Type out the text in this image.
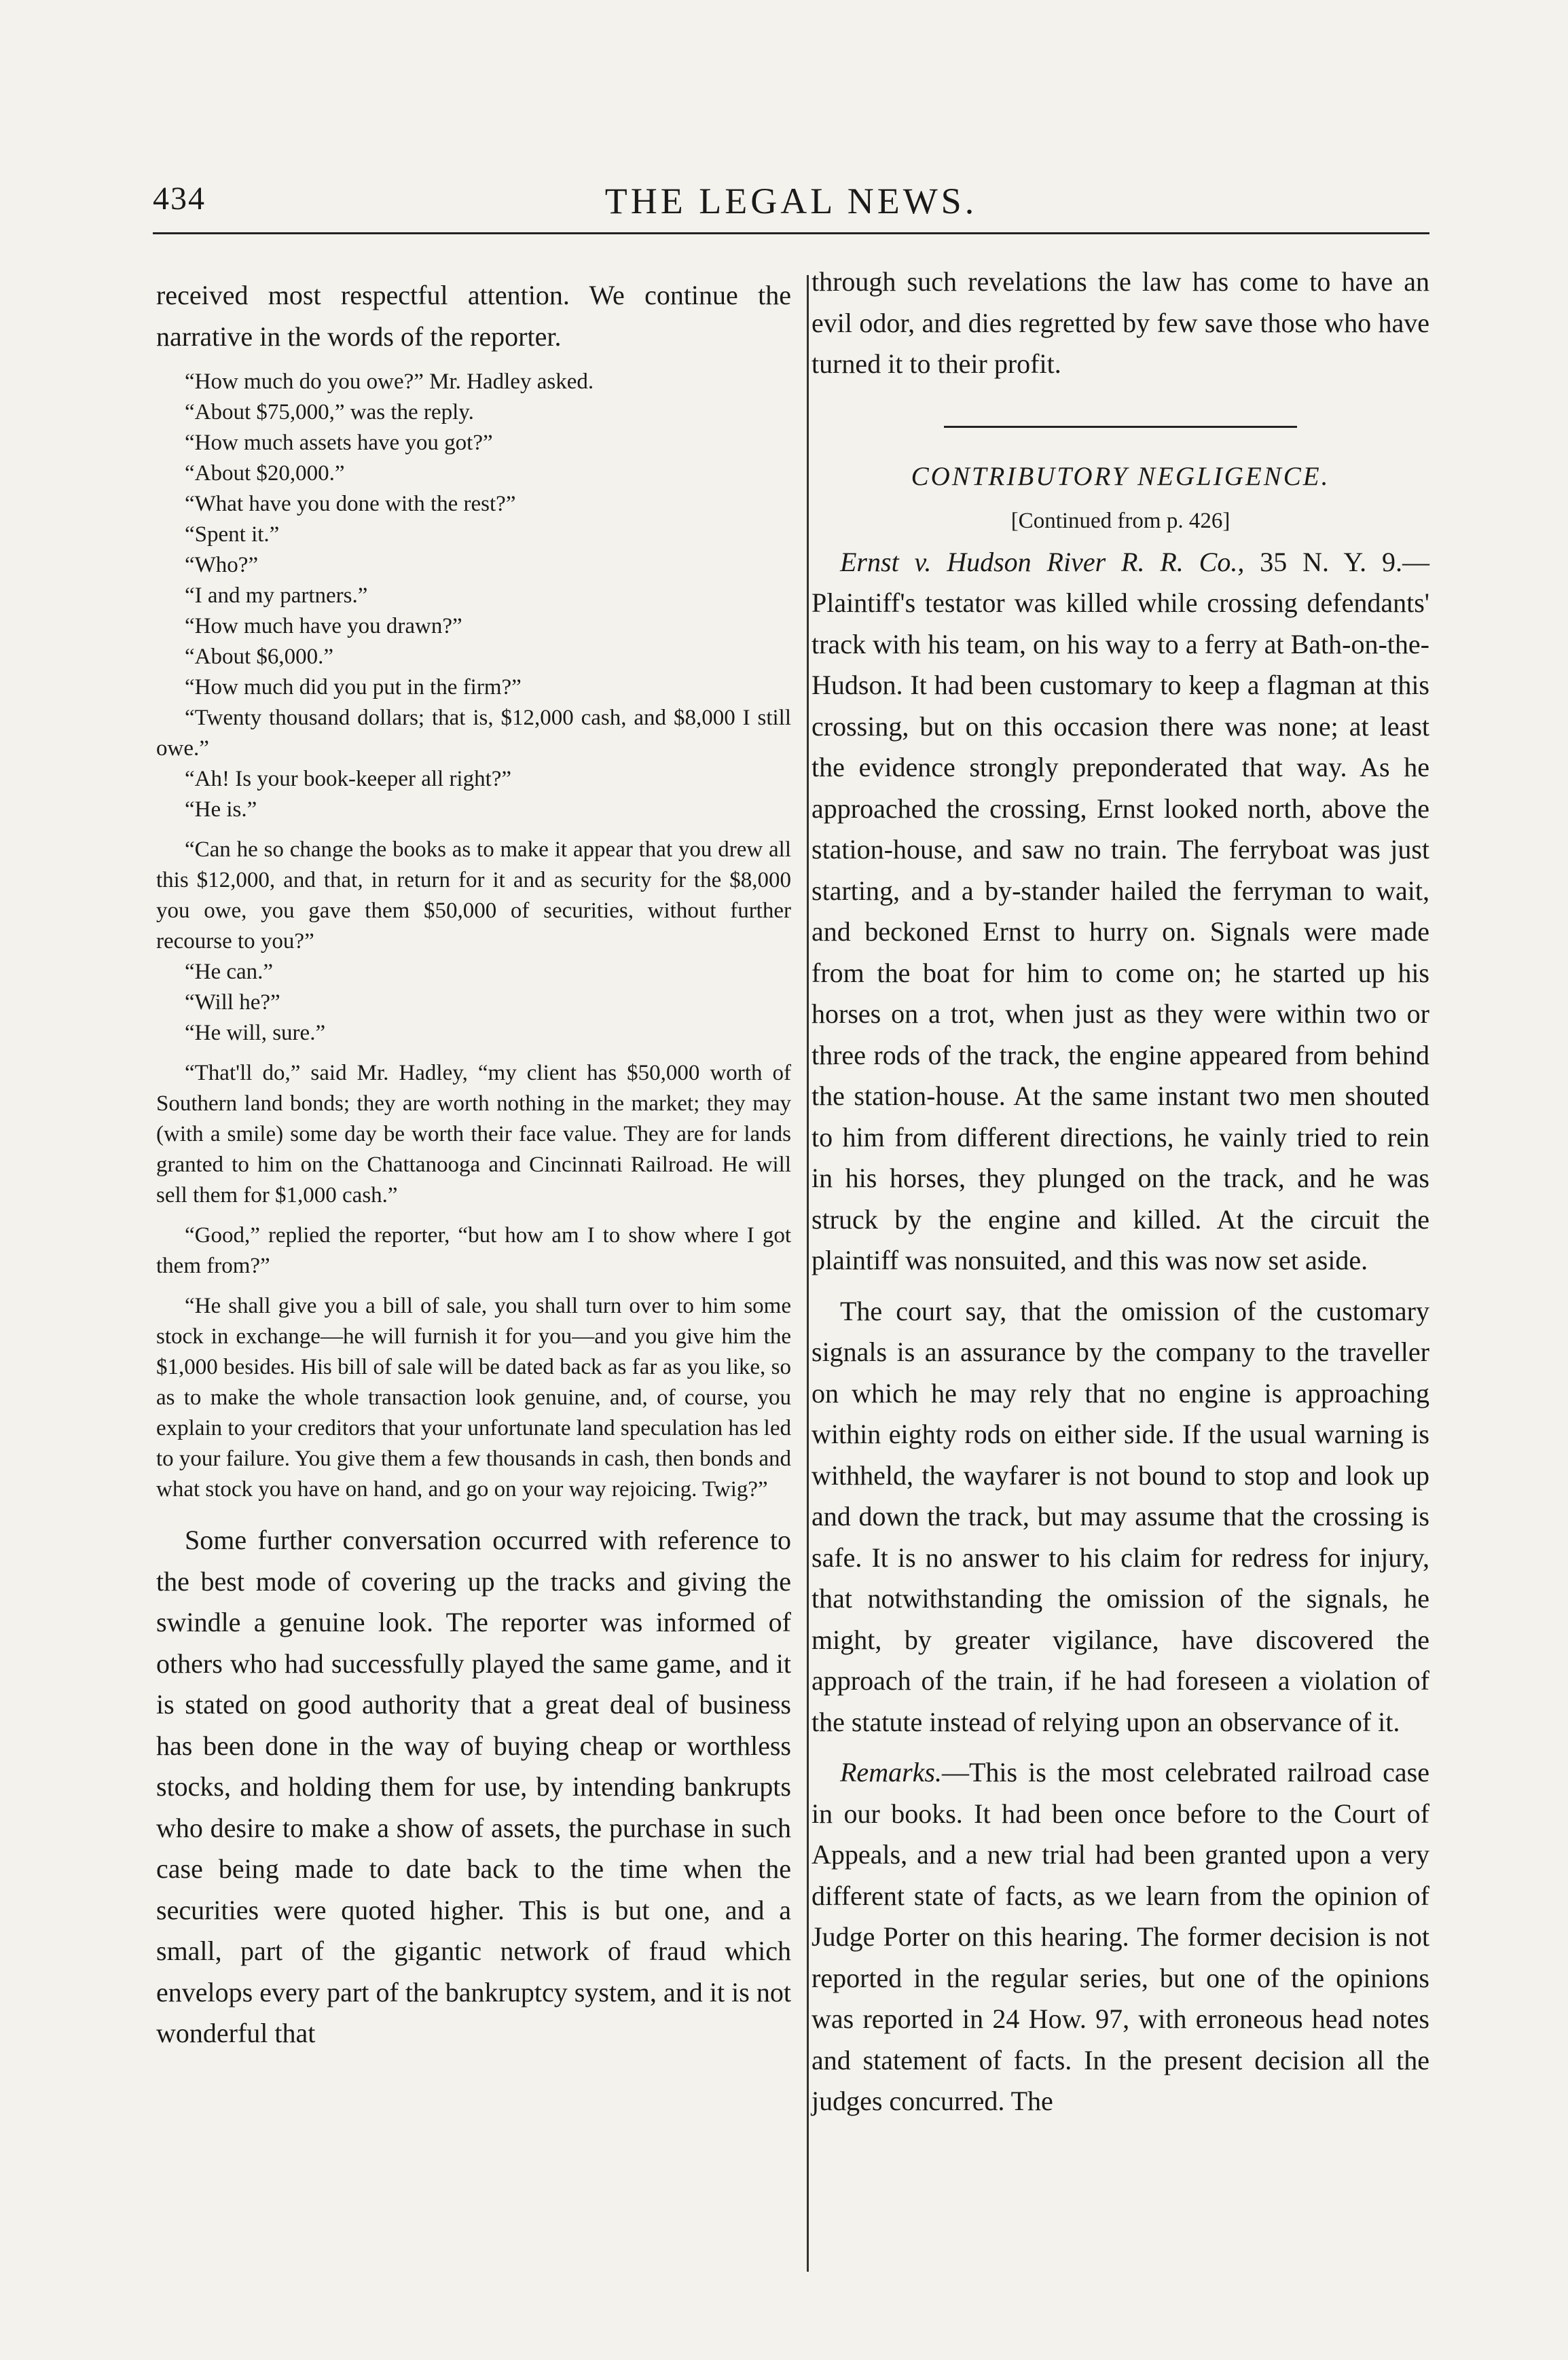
434	THE LEGAL NEWS.

received most respectful attention. We continue the narrative in the words of the reporter.

“How much do you owe?” Mr. Hadley asked.

“About $75,000,” was the reply.

“How much assets have you got?”

“About $20,000.”

“What have you done with the rest?”

“Spent it.”

“Who?”

“I and my partners.”

“How much have you drawn?”

“About $6,000.”

“How much did you put in the firm?”

“Twenty thousand dollars; that is, $12,000 cash, and $8,000 I still owe.”

“Ah! Is your book-keeper all right?”

“He is.”

“Can he so change the books as to make it appear that you drew all this $12,000, and that, in return for it and as security for the $8,000 you owe, you gave them $50,000 of securities, without further recourse to you?”

“He can.”

“Will he?”

“He will, sure.”

“That'll do,” said Mr. Hadley, “my client has $50,000 worth of Southern land bonds; they are worth nothing in the market; they may (with a smile) some day be worth their face value. They are for lands granted to him on the Chattanooga and Cincinnati Railroad. He will sell them for $1,000 cash.”

“Good,” replied the reporter, “but how am I to show where I got them from?”

“He shall give you a bill of sale, you shall turn over to him some stock in exchange—he will furnish it for you—and you give him the $1,000 besides. His bill of sale will be dated back as far as you like, so as to make the whole transaction look genuine, and, of course, you explain to your creditors that your unfortunate land speculation has led to your failure. You give them a few thousands in cash, then bonds and what stock you have on hand, and go on your way rejoicing. Twig?”

Some further conversation occurred with reference to the best mode of covering up the tracks and giving the swindle a genuine look. The reporter was informed of others who had successfully played the same game, and it is stated on good authority that a great deal of business has been done in the way of buying cheap or worthless stocks, and holding them for use, by intending bankrupts who desire to make a show of assets, the purchase in such case being made to date back to the time when the securities were quoted higher. This is but one, and a small, part of the gigantic network of fraud which envelops every part of the bankruptcy system, and it is not wonderful that

through such revelations the law has come to have an evil odor, and dies regretted by few save those who have turned it to their profit.

CONTRIBUTORY NEGLIGENCE.
[Continued from p. 426]

Ernst v. Hudson River R. R. Co., 35 N. Y. 9.—Plaintiff's testator was killed while crossing defendants' track with his team, on his way to a ferry at Bath-on-the-Hudson. It had been customary to keep a flagman at this crossing, but on this occasion there was none; at least the evidence strongly preponderated that way. As he approached the crossing, Ernst looked north, above the station-house, and saw no train. The ferryboat was just starting, and a by-stander hailed the ferryman to wait, and beckoned Ernst to hurry on. Signals were made from the boat for him to come on; he started up his horses on a trot, when just as they were within two or three rods of the track, the engine appeared from behind the station-house. At the same instant two men shouted to him from different directions, he vainly tried to rein in his horses, they plunged on the track, and he was struck by the engine and killed. At the circuit the plaintiff was nonsuited, and this was now set aside.

The court say, that the omission of the customary signals is an assurance by the company to the traveller on which he may rely that no engine is approaching within eighty rods on either side. If the usual warning is withheld, the wayfarer is not bound to stop and look up and down the track, but may assume that the crossing is safe. It is no answer to his claim for redress for injury, that notwithstanding the omission of the signals, he might, by greater vigilance, have discovered the approach of the train, if he had foreseen a violation of the statute instead of relying upon an observance of it.

Remarks.—This is the most celebrated railroad case in our books. It had been once before to the Court of Appeals, and a new trial had been granted upon a very different state of facts, as we learn from the opinion of Judge Porter on this hearing. The former decision is not reported in the regular series, but one of the opinions was reported in 24 How. 97, with erroneous head notes and statement of facts. In the present decision all the judges concurred. The
